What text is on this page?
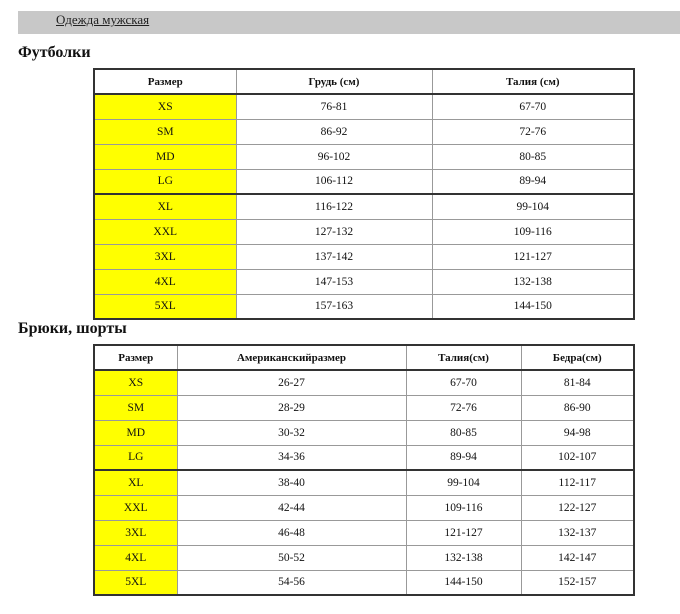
Одежда мужская
Футболки
Размер	Грудь (см)	Талия (см)
XS	76-81	67-70
SM	86-92	72-76
MD	96-102	80-85
LG	106-112	89-94
XL	116-122	99-104
XXL	127-132	109-116
3XL	137-142	121-127
4XL	147-153	132-138
5XL	157-163	144-150
Брюки, шорты
Размер	Американскийразмер	Талия(см)	Бедра(см)
XS	26-27	67-70	81-84
SM	28-29	72-76	86-90
MD	30-32	80-85	94-98
LG	34-36	89-94	102-107
XL	38-40	99-104	112-117
XXL	42-44	109-116	122-127
3XL	46-48	121-127	132-137
4XL	50-52	132-138	142-147
5XL	54-56	144-150	152-157
